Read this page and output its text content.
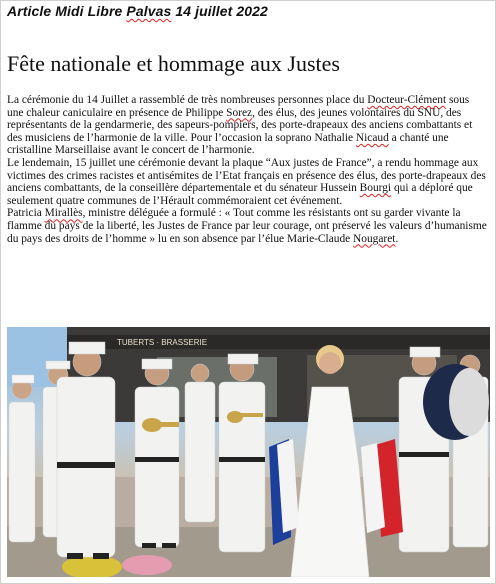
Article Midi Libre Palvas 14 juillet 2022
Fête nationale et hommage aux Justes

La cérémonie du 14 Juillet a rassemblé de très nombreuses personnes place du Docteur-Clément sous une chaleur caniculaire en présence de Philippe Sorez, des élus, des jeunes volontaires du SNU, des représentants de la gendarmerie, des sapeurs-pompiers, des porte-drapeaux des anciens combattants et des musiciens de l’harmonie de la ville. Pour l’occasion la soprano Nathalie Nicaud a chanté une cristalline Marseillaise avant le concert de l’harmonie.

Le lendemain, 15 juillet une cérémonie devant la plaque “Aux justes de France”, a rendu hommage aux victimes des crimes racistes et antisémites de l’Etat français en présence des élus, des porte-drapeaux des anciens combattants, de la conseillère départementale et du sénateur Hussein Bourgi qui a déploré que seulement quatre communes de l’Hérault commémoraient cet événement.

Patricia Mirallès, ministre déléguée a formulé : « Tout comme les résistants ont su garder vivante la flamme du pays de la liberté, les Justes de France par leur courage, ont préservé les valeurs d’humanisme du pays des droits de l’homme » lu en son absence par l’élue Marie-Claude Nougaret.

TUBERTS · BRASSERIE
